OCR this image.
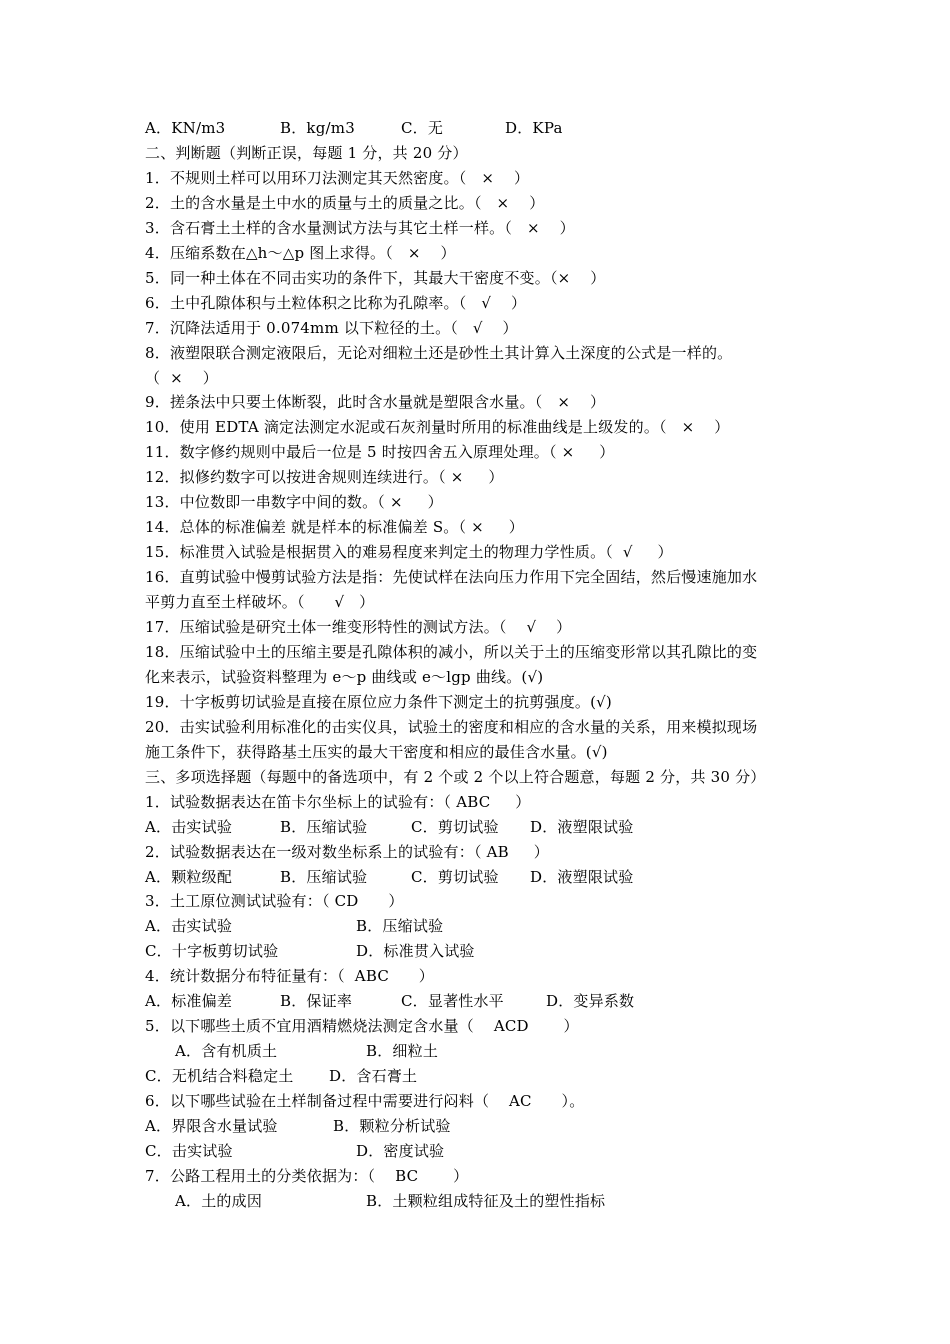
二、判断题（判断正误，每题 1 分，共 20 分）
1．不规则土样可以用环刀法测定其天然密度。（   ×    ）
2．土的含水量是土中水的质量与土的质量之比。（   ×    ）
3．含石膏土土样的含水量测试方法与其它土样一样。（   ×    ）
4．压缩系数在△h～△p 图上求得。（   ×    ）
5．同一种土体在不同击实功的条件下，其最大干密度不变。（×    ）
6．土中孔隙体积与土粒体积之比称为孔隙率。（   √    ）
7．沉降法适用于 0.074mm 以下粒径的土。（   √    ）
8．液塑限联合测定液限后，无论对细粒土还是砂性土其计算入土深度的公式是一样的。
（  ×    ）
9．搓条法中只要土体断裂，此时含水量就是塑限含水量。（   ×    ）
10．使用 EDTA 滴定法测定水泥或石灰剂量时所用的标准曲线是上级发的。（   ×    ）
11．数字修约规则中最后一位是 5 时按四舍五入原理处理。（ ×     ）
12．拟修约数字可以按进舍规则连续进行。（ ×     ）
13．中位数即一串数字中间的数。（ ×     ）
14．总体的标准偏差 就是样本的标准偏差 S。（ ×     ）
15．标准贯入试验是根据贯入的难易程度来判定土的物理力学性质。（  √     ）
16．直剪试验中慢剪试验方法是指：先使试样在法向压力作用下完全固结，然后慢速施加水
平剪力直至土样破坏。（      √   ）
17．压缩试验是研究土体一维变形特性的测试方法。（    √    ）
18．压缩试验中土的压缩主要是孔隙体积的减小，所以关于土的压缩变形常以其孔隙比的变
化来表示，试验资料整理为 e～p 曲线或 e～lgp 曲线。(√)
19．十字板剪切试验是直接在原位应力条件下测定土的抗剪强度。(√)
20．击实试验利用标准化的击实仪具，试验土的密度和相应的含水量的关系，用来模拟现场
施工条件下，获得路基土压实的最大干密度和相应的最佳含水量。(√)
三、多项选择题（每题中的备选项中，有 2 个或 2 个以上符合题意，每题 2 分，共 30 分）
1．试验数据表达在笛卡尔坐标上的试验有：（ ABC     ）
2．试验数据表达在一级对数坐标系上的试验有：（ AB     ）
3．土工原位测试试验有：（ CD      ）
4．统计数据分布特征量有：（  ABC      ）
5．以下哪些土质不宜用酒精燃烧法测定含水量（    ACD       ）
6．以下哪些试验在土样制备过程中需要进行闷料（    AC      ）。
7．公路工程用土的分类依据为：（    BC       ）
A．KN/m3	B．kg/m3	C．无	D．KPa
A．击实试验	B．压缩试验	C．剪切试验 D．液塑限试验
A．颗粒级配	B．压缩试验	C．剪切试验 D．液塑限试验
A．击实试验	B．压缩试验
C．十字板剪切试验	D．标准贯入试验
A．标准偏差	B．保证率	C．显著性水平	D．变异系数
A．含有机质土	B．细粒土
C．无机结合料稳定土 D．含石膏土
A．界限含水量试验	B．颗粒分析试验
C．击实试验	D．密度试验
A．土的成因	B．土颗粒组成特征及土的塑性指标
